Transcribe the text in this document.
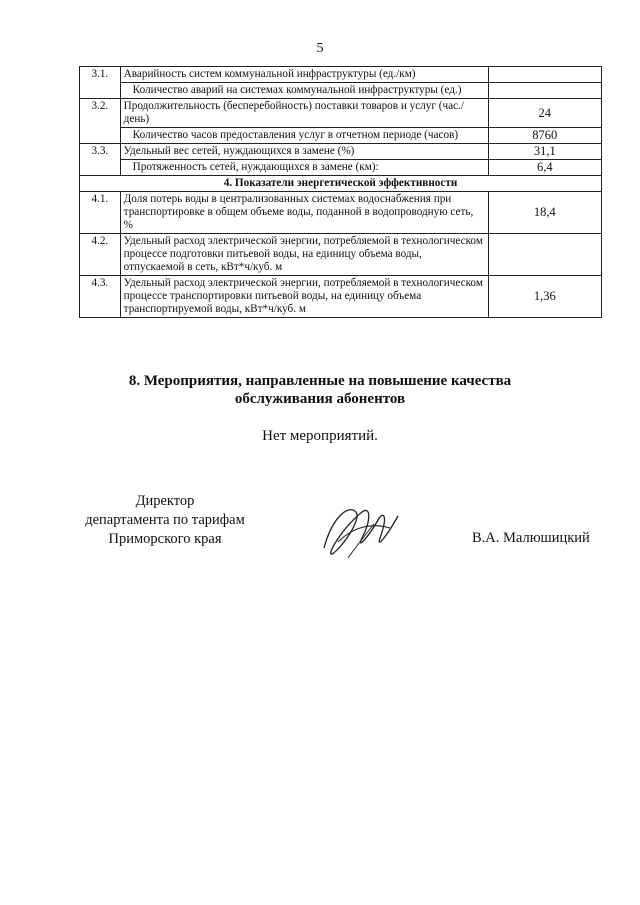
5
3.1.	Аварийность систем коммунальной инфраструктуры (ед./км)	
	Количество аварий на системах коммунальной инфраструктуры (ед.)	
3.2.	Продолжительность (бесперебойность) поставки товаров и услуг (час./день)	24
	Количество часов предоставления услуг в отчетном периоде (часов)	8760
3.3.	Удельный вес сетей, нуждающихся в замене (%)	31,1
	Протяженность сетей, нуждающихся в замене (км):	6,4
4. Показатели энергетической эффективности		
4.1.	Доля потерь воды в централизованных системах водоснабжения при транспортировке в общем объеме воды, поданной в водопроводную сеть, %	18,4
4.2.	Удельный расход электрической энергии, потребляемой в технологическом процессе подготовки питьевой воды, на единицу объема воды, отпускаемой в сеть, кВт*ч/куб. м	
4.3.	Удельный расход электрической энергии, потребляемой в технологическом процессе транспортировки питьевой воды, на единицу объема транспортируемой воды, кВт*ч/куб. м	1,36
8. Мероприятия, направленные на повышение качества
обслуживания абонентов
Нет мероприятий.
Директор
департамента по тарифам
Приморского края	В.А. Малюшицкий
